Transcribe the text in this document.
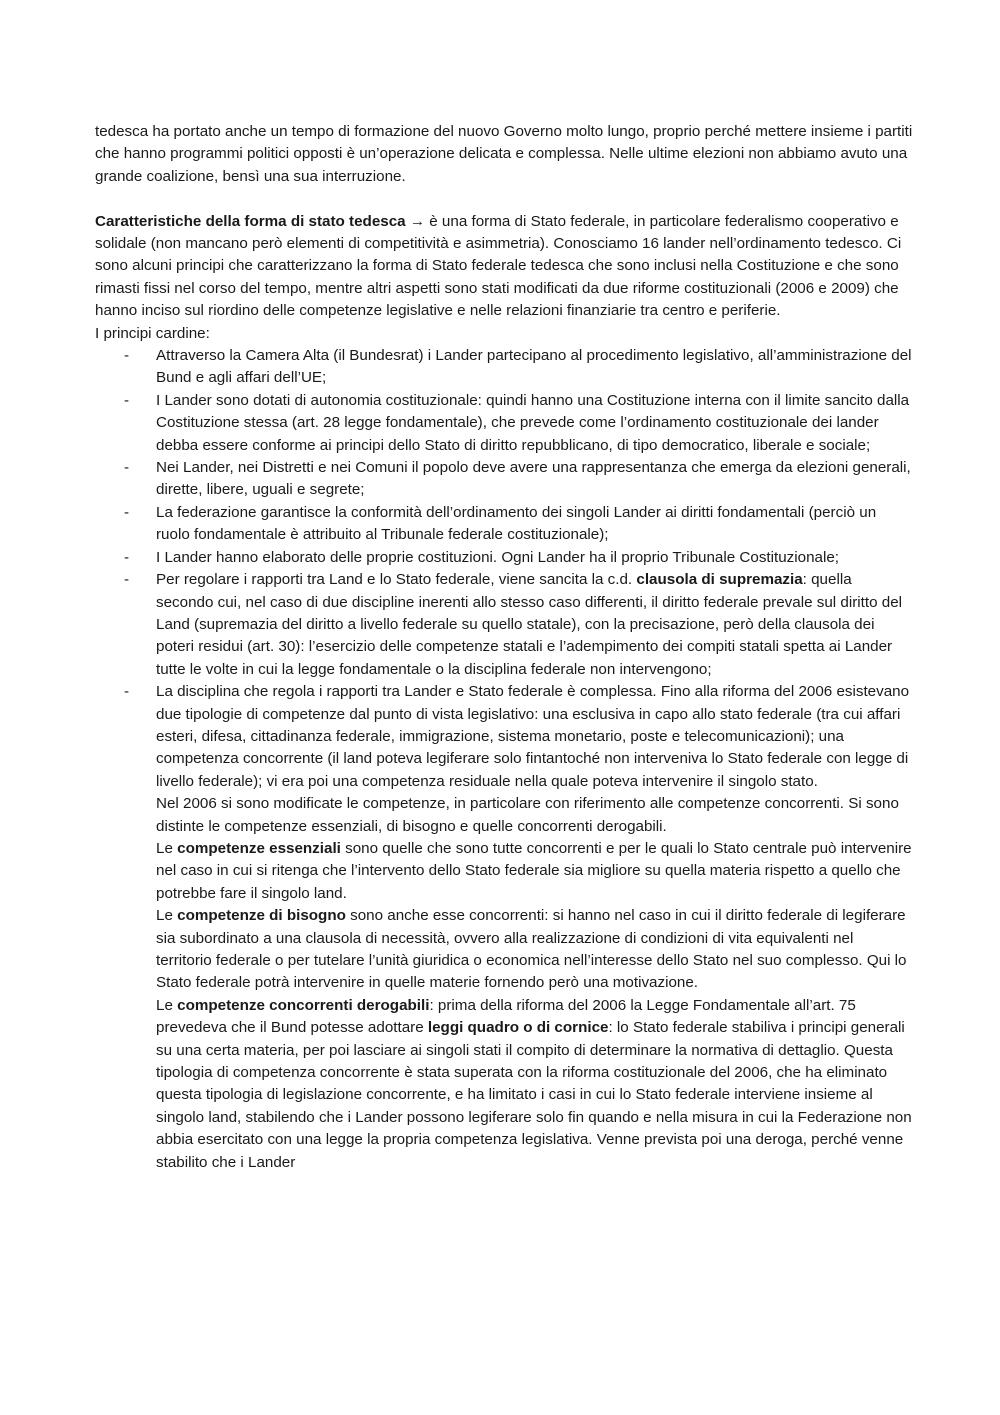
tedesca ha portato anche un tempo di formazione del nuovo Governo molto lungo, proprio perché mettere insieme i partiti che hanno programmi politici opposti è un’operazione delicata e complessa. Nelle ultime elezioni non abbiamo avuto una grande coalizione, bensì una sua interruzione.

Caratteristiche della forma di stato tedesca → è una forma di Stato federale, in particolare federalismo cooperativo e solidale (non mancano però elementi di competitività e asimmetria). Conosciamo 16 lander nell’ordinamento tedesco. Ci sono alcuni principi che caratterizzano la forma di Stato federale tedesca che sono inclusi nella Costituzione e che sono rimasti fissi nel corso del tempo, mentre altri aspetti sono stati modificati da due riforme costituzionali (2006 e 2009) che hanno inciso sul riordino delle competenze legislative e nelle relazioni finanziarie tra centro e periferie.

I principi cardine:

- Attraverso la Camera Alta (il Bundesrat) i Lander partecipano al procedimento legislativo, all’amministrazione del Bund e agli affari dell’UE;
- I Lander sono dotati di autonomia costituzionale: quindi hanno una Costituzione interna con il limite sancito dalla Costituzione stessa (art. 28 legge fondamentale), che prevede come l’ordinamento costituzionale dei lander debba essere conforme ai principi dello Stato di diritto repubblicano, di tipo democratico, liberale e sociale;
- Nei Lander, nei Distretti e nei Comuni il popolo deve avere una rappresentanza che emerga da elezioni generali, dirette, libere, uguali e segrete;
- La federazione garantisce la conformità dell’ordinamento dei singoli Lander ai diritti fondamentali (perciò un ruolo fondamentale è attribuito al Tribunale federale costituzionale);
- I Lander hanno elaborato delle proprie costituzioni. Ogni Lander ha il proprio Tribunale Costituzionale;
- Per regolare i rapporti tra Land e lo Stato federale, viene sancita la c.d. clausola di supremazia: quella secondo cui, nel caso di due discipline inerenti allo stesso caso differenti, il diritto federale prevale sul diritto del Land (supremazia del diritto a livello federale su quello statale), con la precisazione, però della clausola dei poteri residui (art. 30): l’esercizio delle competenze statali e l’adempimento dei compiti statali spetta ai Lander tutte le volte in cui la legge fondamentale o la disciplina federale non intervengono;

- La disciplina che regola i rapporti tra Lander e Stato federale è complessa. Fino alla riforma del 2006 esistevano due tipologie di competenze dal punto di vista legislativo: una esclusiva in capo allo stato federale (tra cui affari esteri, difesa, cittadinanza federale, immigrazione, sistema monetario, poste e telecomunicazioni); una competenza concorrente (il land poteva legiferare solo fintantoché non interveniva lo Stato federale con legge di livello federale); vi era poi una competenza residuale nella quale poteva intervenire il singolo stato.

Nel 2006 si sono modificate le competenze, in particolare con riferimento alle competenze concorrenti. Si sono distinte le competenze essenziali, di bisogno e quelle concorrenti derogabili.

Le competenze essenziali sono quelle che sono tutte concorrenti e per le quali lo Stato centrale può intervenire nel caso in cui si ritenga che l’intervento dello Stato federale sia migliore su quella materia rispetto a quello che potrebbe fare il singolo land.

Le competenze di bisogno sono anche esse concorrenti: si hanno nel caso in cui il diritto federale di legiferare sia subordinato a una clausola di necessità, ovvero alla realizzazione di condizioni di vita equivalenti nel territorio federale o per tutelare l’unità giuridica o economica nell’interesse dello Stato nel suo complesso. Qui lo Stato federale potrà intervenire in quelle materie fornendo però una motivazione.

Le competenze concorrenti derogabili: prima della riforma del 2006 la Legge Fondamentale all’art. 75 prevedeva che il Bund potesse adottare leggi quadro o di cornice: lo Stato federale stabiliva i principi generali su una certa materia, per poi lasciare ai singoli stati il compito di determinare la normativa di dettaglio. Questa tipologia di competenza concorrente è stata superata con la riforma costituzionale del 2006, che ha eliminato questa tipologia di legislazione concorrente, e ha limitato i casi in cui lo Stato federale interviene insieme al singolo land, stabilendo che i Lander possono legiferare solo fin quando e nella misura in cui la Federazione non abbia esercitato con una legge la propria competenza legislativa. Venne prevista poi una deroga, perché venne stabilito che i Lander
